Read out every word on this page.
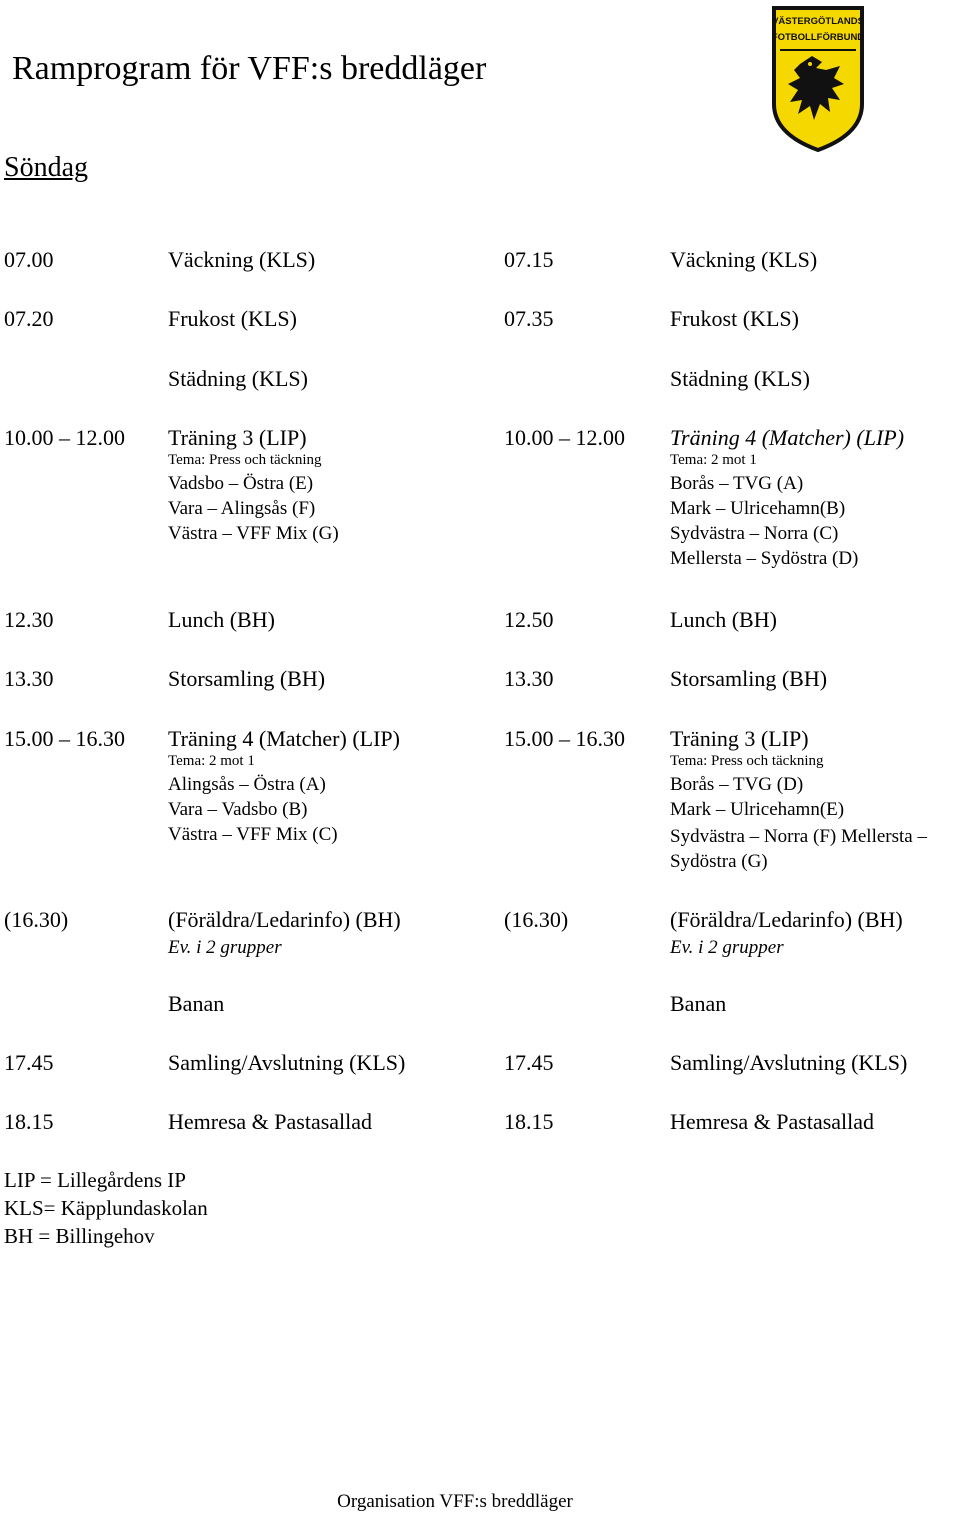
Ramprogram för VFF:s breddläger
Söndag
VÄSTERGÖTLANDS
FOTBOLLFÖRBUND
07.00	Väckning (KLS)
07.20	Frukost (KLS)
Städning (KLS)
10.00 – 12.00 Träning 3 (LIP)
Tema: Press och täckning
Vadsbo – Östra (E)
Vara – Alingsås (F)
Västra – VFF Mix (G)
12.30	Lunch (BH)
13.30	Storsamling (BH)
15.00 – 16.30 Träning 4 (Matcher) (LIP)
Tema: 2 mot 1
Alingsås – Östra (A)
Vara – Vadsbo (B)
Västra – VFF Mix (C)
(16.30)	(Föräldra/Ledarinfo) (BH)
Ev. i 2 grupper
Banan
17.45	Samling/Avslutning (KLS)
18.15	Hemresa & Pastasallad
07.15	Väckning (KLS)
07.35	Frukost (KLS)
Städning (KLS)
10.00 – 12.00 Träning 4 (Matcher) (LIP)
Tema: 2 mot 1
Borås – TVG (A)
Mark – Ulricehamn(B)
Sydvästra – Norra (C)
Mellersta – Sydöstra (D)
12.50	Lunch (BH)
13.30	Storsamling (BH)
15.00 – 16.30 Träning 3 (LIP)
Tema: Press och täckning
Borås – TVG (D)
Mark – Ulricehamn(E)
Sydvästra – Norra (F) Mellersta – Sydöstra (G)
(16.30)	(Föräldra/Ledarinfo) (BH)
Ev. i 2 grupper
Banan
17.45	Samling/Avslutning (KLS)
18.15	Hemresa & Pastasallad
LIP = Lillegårdens IP
KLS= Käpplundaskolan
BH = Billingehov
Organisation VFF:s breddläger
